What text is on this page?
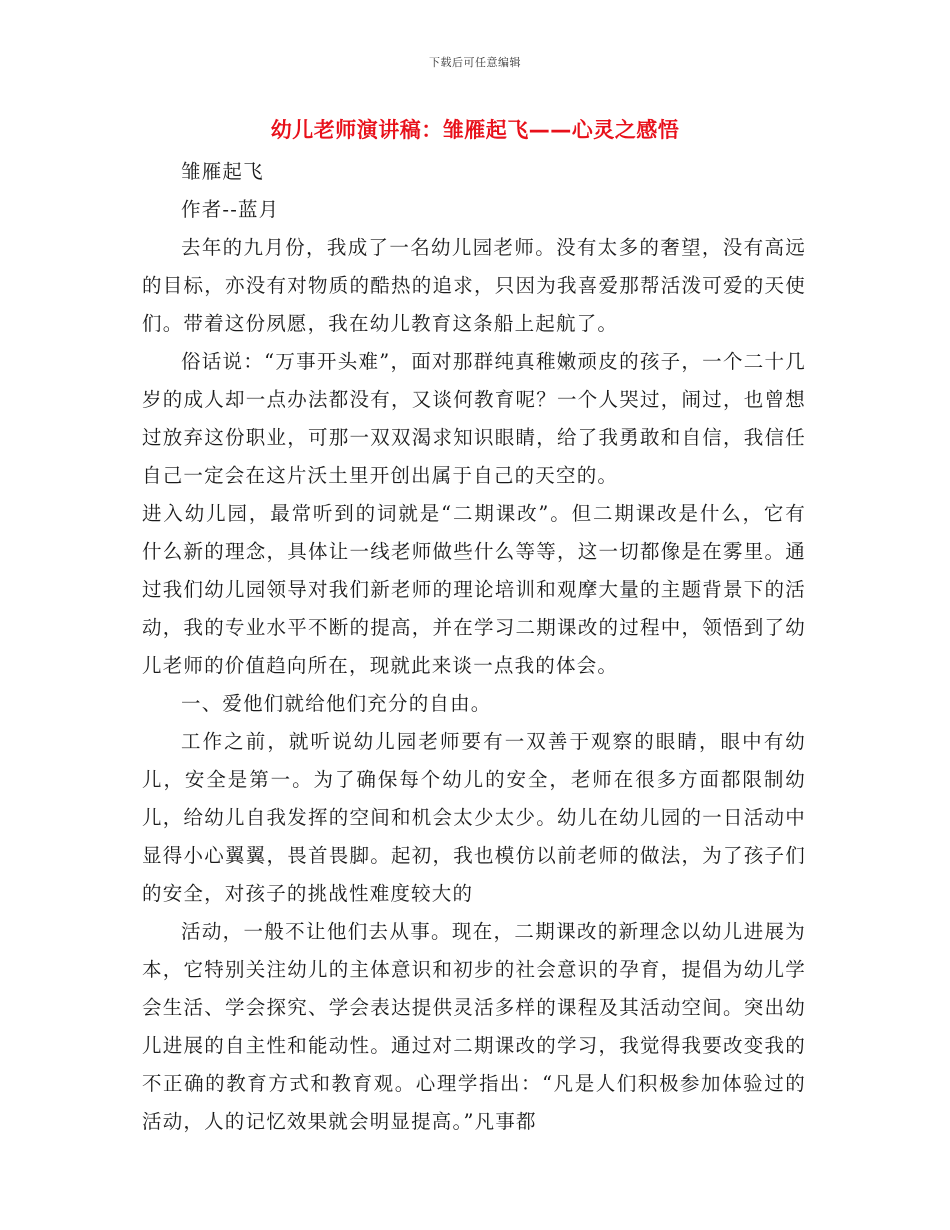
下载后可任意编辑
幼儿老师演讲稿：雏雁起飞——心灵之感悟

雏雁起飞

作者--蓝月

去年的九月份，我成了一名幼儿园老师。没有太多的奢望，没有高远的目标，亦没有对物质的酷热的追求，只因为我喜爱那帮活泼可爱的天使们。带着这份夙愿，我在幼儿教育这条船上起航了。

俗话说：“万事开头难”，面对那群纯真稚嫩顽皮的孩子，一个二十几岁的成人却一点办法都没有，又谈何教育呢？一个人哭过，闹过，也曾想过放弃这份职业，可那一双双渴求知识眼睛，给了我勇敢和自信，我信任自己一定会在这片沃土里开创出属于自己的天空的。

进入幼儿园，最常听到的词就是“二期课改”。但二期课改是什么，它有什么新的理念，具体让一线老师做些什么等等，这一切都像是在雾里。通过我们幼儿园领导对我们新老师的理论培训和观摩大量的主题背景下的活动，我的专业水平不断的提高，并在学习二期课改的过程中，领悟到了幼儿老师的价值趋向所在，现就此来谈一点我的体会。

一、爱他们就给他们充分的自由。

工作之前，就听说幼儿园老师要有一双善于观察的眼睛，眼中有幼儿，安全是第一。为了确保每个幼儿的安全，老师在很多方面都限制幼儿，给幼儿自我发挥的空间和机会太少太少。幼儿在幼儿园的一日活动中显得小心翼翼，畏首畏脚。起初，我也模仿以前老师的做法，为了孩子们的安全，对孩子的挑战性难度较大的

活动，一般不让他们去从事。现在，二期课改的新理念以幼儿进展为本，它特别关注幼儿的主体意识和初步的社会意识的孕育，提倡为幼儿学会生活、学会探究、学会表达提供灵活多样的课程及其活动空间。突出幼儿进展的自主性和能动性。通过对二期课改的学习，我觉得我要改变我的不正确的教育方式和教育观。心理学指出：“凡是人们积极参加体验过的活动，人的记忆效果就会明显提高。”凡事都
